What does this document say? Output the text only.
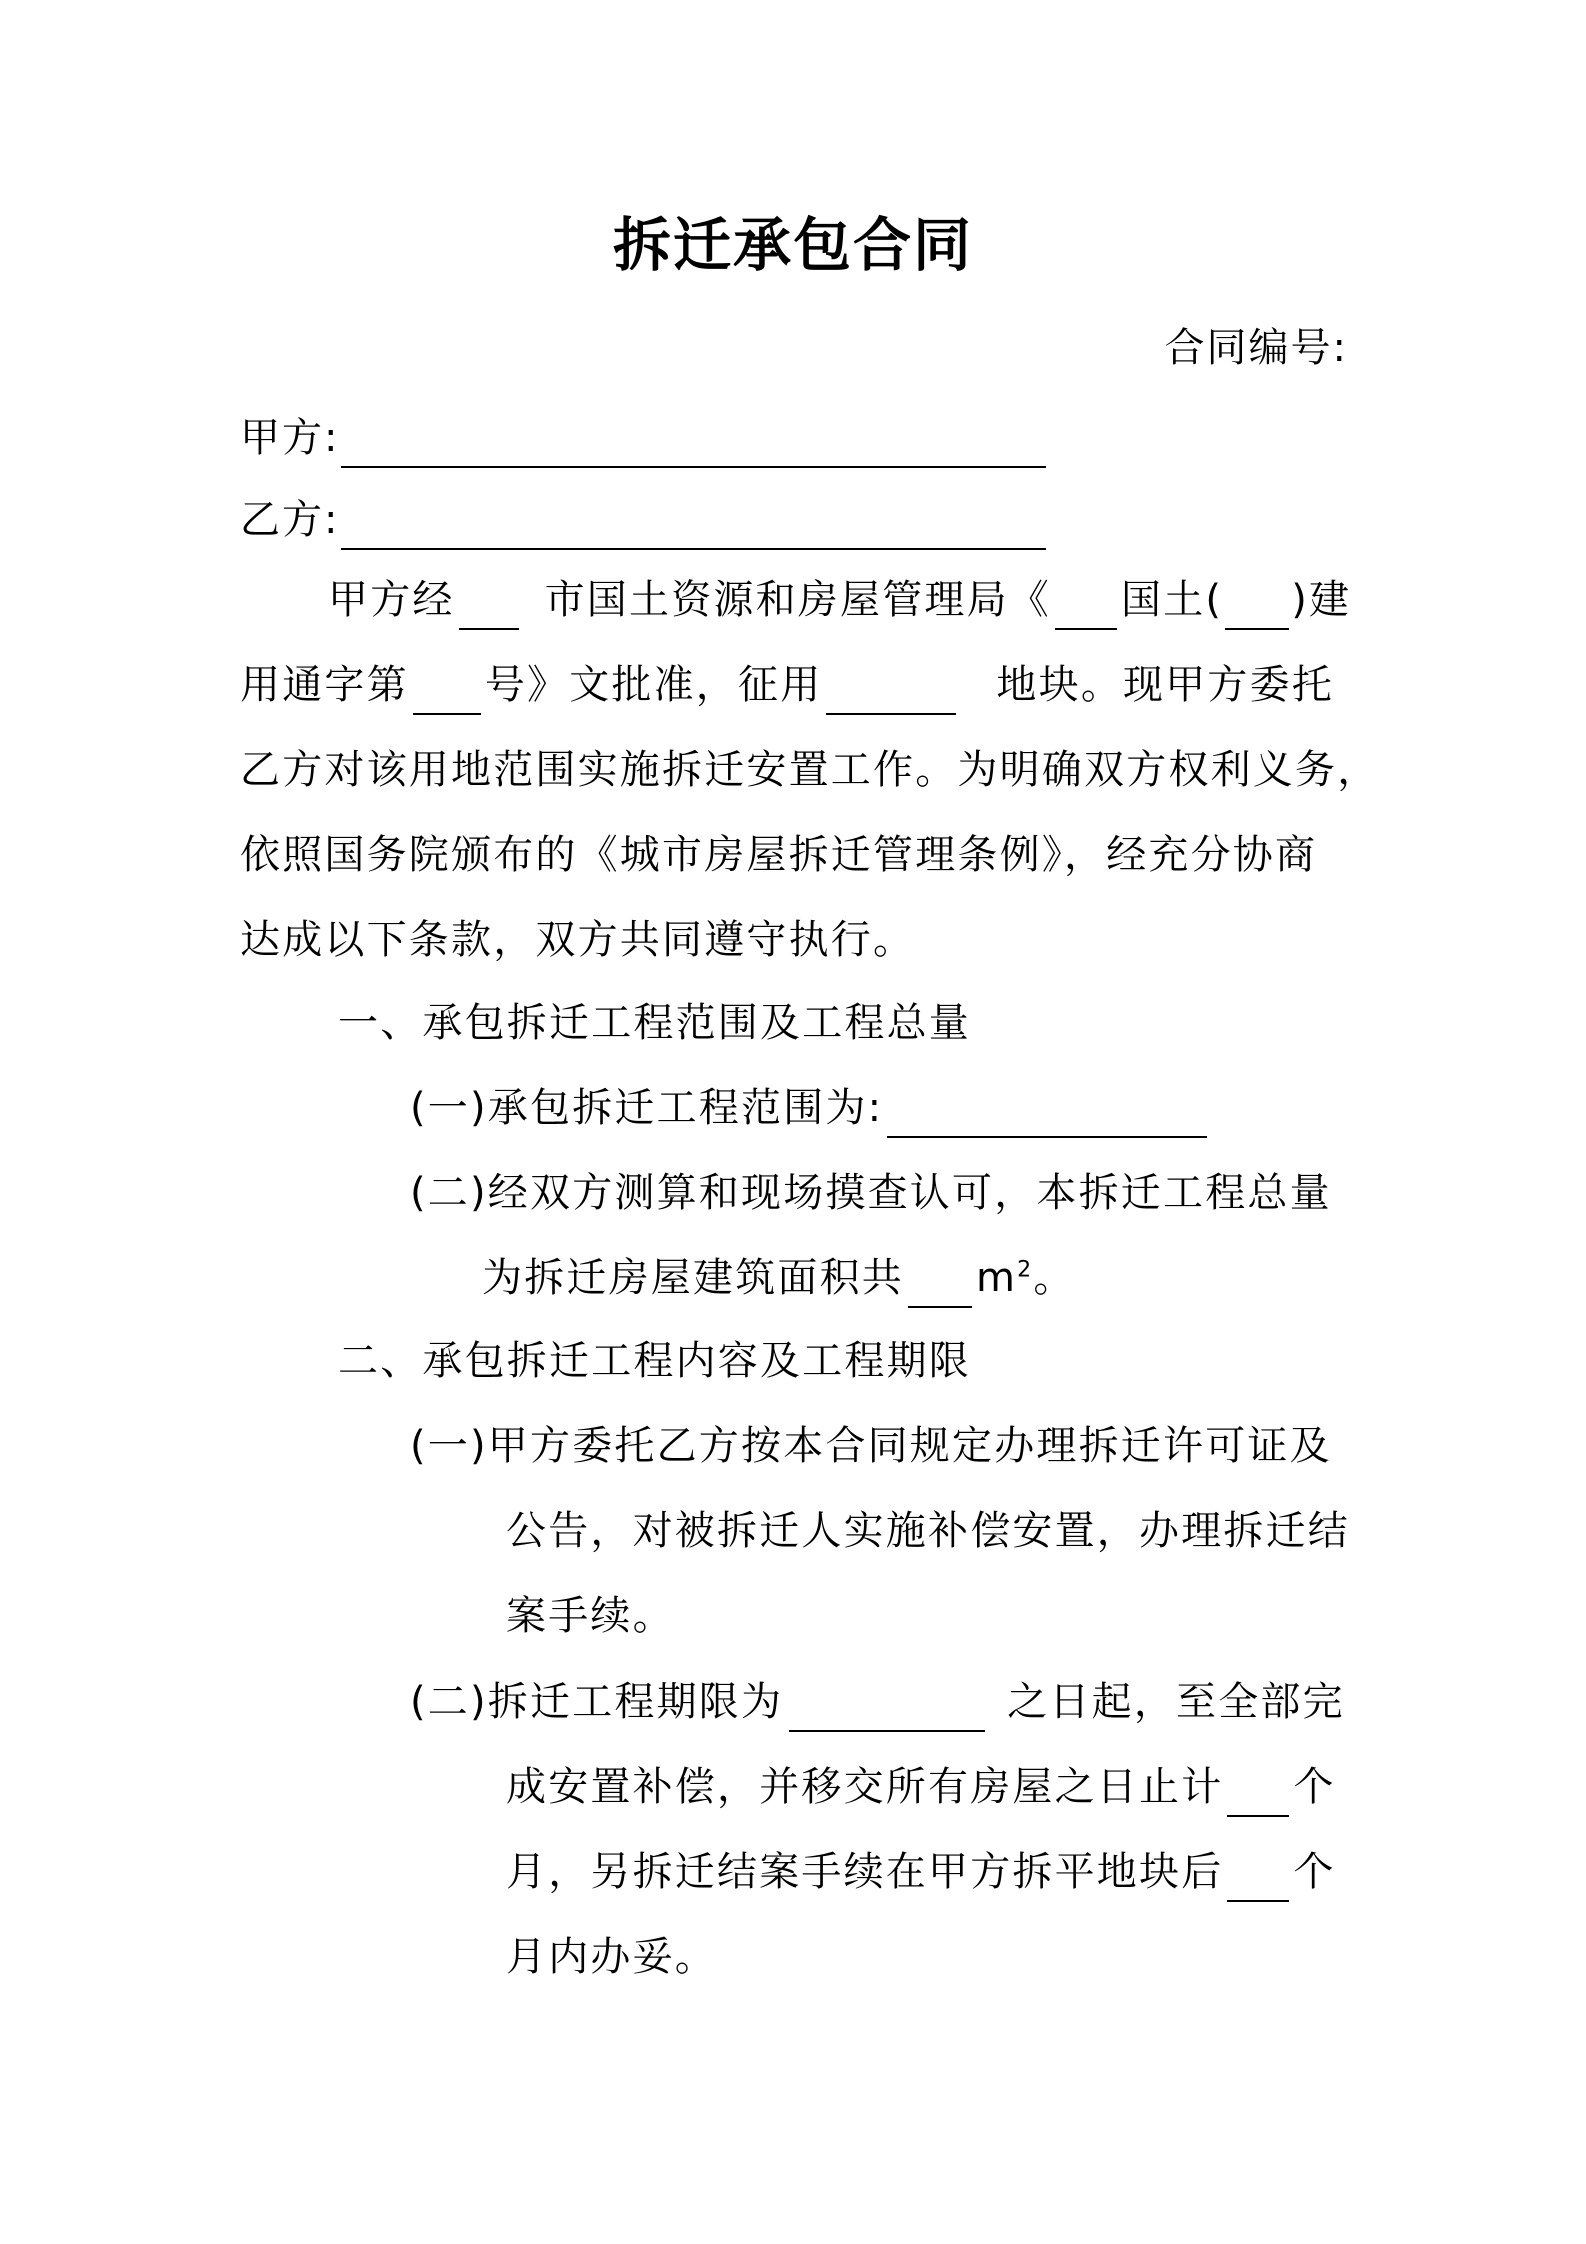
拆迁承包合同
合同编号:
甲方:
乙方:
甲方经 市国土资源和房屋管理局《 国土( )建
用通字第 号》文批准，征用	地块。现甲方委托
乙方对该用地范围实施拆迁安置工作。为明确双方权利义务，
依照国务院颁布的《城市房屋拆迁管理条例》，经充分协商
达成以下条款，双方共同遵守执行。
一、承包拆迁工程范围及工程总量
(一)承包拆迁工程范围为:
(二)经双方测算和现场摸查认可，本拆迁工程总量
为拆迁房屋建筑面积共 $m^2$。
二、承包拆迁工程内容及工程期限
(一)甲方委托乙方按本合同规定办理拆迁许可证及
公告，对被拆迁人实施补偿安置，办理拆迁结
案手续。
(二)拆迁工程期限为	之日起，至全部完
成安置补偿，并移交所有房屋之日止计 个
月，另拆迁结案手续在甲方拆平地块后 个
月内办妥。
